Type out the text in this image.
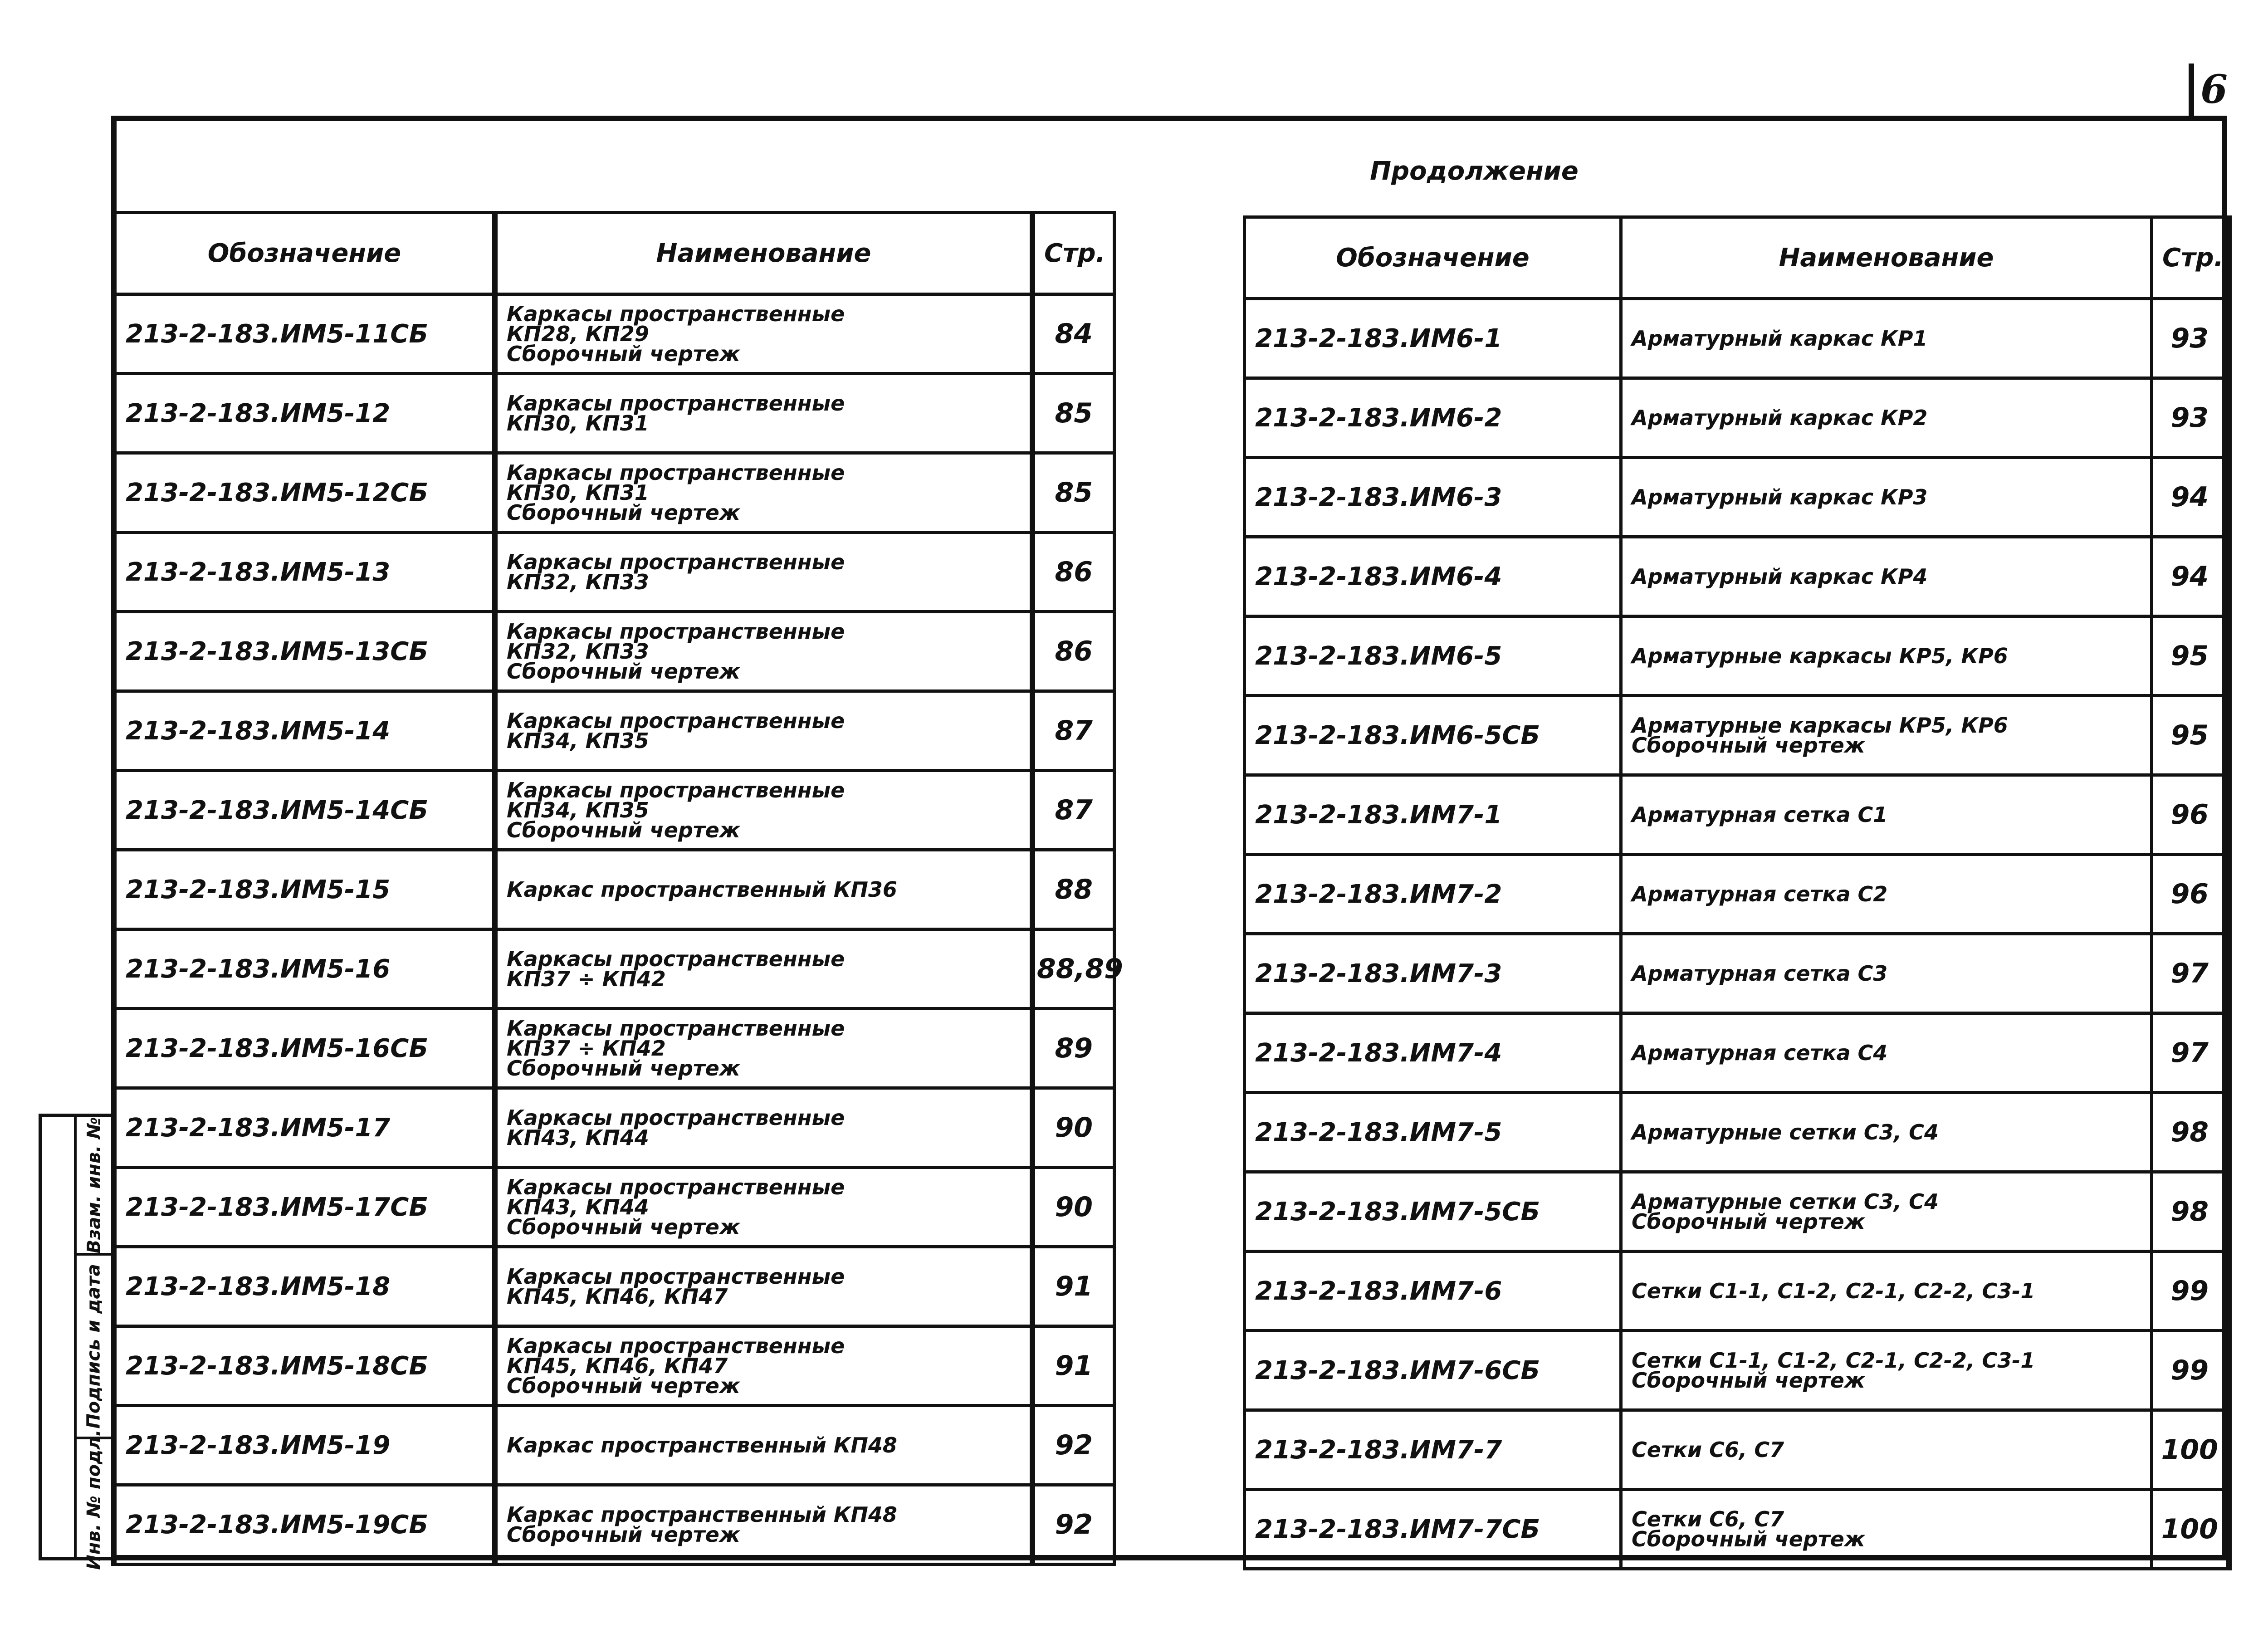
6
Продолжение
Взам. инв. №
Подпись и дата
Инв. № подл.
Обозначение	Наименование	Стр.
213-2-183.ИМ5-11СБ	Каркасы пространственные
КП28, КП29
Сборочный чертеж	84
213-2-183.ИМ5-12	Каркасы пространственные
КП30, КП31	85
213-2-183.ИМ5-12СБ	Каркасы пространственные
КП30, КП31
Сборочный чертеж	85
213-2-183.ИМ5-13	Каркасы пространственные
КП32, КП33	86
213-2-183.ИМ5-13СБ	Каркасы пространственные
КП32, КП33
Сборочный чертеж	86
213-2-183.ИМ5-14	Каркасы пространственные
КП34, КП35	87
213-2-183.ИМ5-14СБ	Каркасы пространственные
КП34, КП35
Сборочный чертеж	87
213-2-183.ИМ5-15	Каркас пространственный КП36	88
213-2-183.ИМ5-16	Каркасы пространственные
КП37 ÷ КП42	88,89
213-2-183.ИМ5-16СБ	Каркасы пространственные
КП37 ÷ КП42
Сборочный чертеж	89
213-2-183.ИМ5-17	Каркасы пространственные
КП43, КП44	90
213-2-183.ИМ5-17СБ	Каркасы пространственные
КП43, КП44
Сборочный чертеж	90
213-2-183.ИМ5-18	Каркасы пространственные
КП45, КП46, КП47	91
213-2-183.ИМ5-18СБ	Каркасы пространственные
КП45, КП46, КП47
Сборочный чертеж	91
213-2-183.ИМ5-19	Каркас пространственный КП48	92
213-2-183.ИМ5-19СБ	Каркас пространственный КП48
Сборочный чертеж	92
Обозначение	Наименование	Стр.
213-2-183.ИМ6-1	Арматурный каркас КР1	93
213-2-183.ИМ6-2	Арматурный каркас КР2	93
213-2-183.ИМ6-3	Арматурный каркас КР3	94
213-2-183.ИМ6-4	Арматурный каркас КР4	94
213-2-183.ИМ6-5	Арматурные каркасы КР5, КР6	95
213-2-183.ИМ6-5СБ	Арматурные каркасы КР5, КР6
Сборочный чертеж	95
213-2-183.ИМ7-1	Арматурная сетка С1	96
213-2-183.ИМ7-2	Арматурная сетка С2	96
213-2-183.ИМ7-3	Арматурная сетка С3	97
213-2-183.ИМ7-4	Арматурная сетка С4	97
213-2-183.ИМ7-5	Арматурные сетки С3, С4	98
213-2-183.ИМ7-5СБ	Арматурные сетки С3, С4
Сборочный чертеж	98
213-2-183.ИМ7-6	Сетки С1-1, С1-2, С2-1, С2-2, С3-1	99
213-2-183.ИМ7-6СБ	Сетки С1-1, С1-2, С2-1, С2-2, С3-1
Сборочный чертеж	99
213-2-183.ИМ7-7	Сетки С6, С7	100
213-2-183.ИМ7-7СБ	Сетки С6, С7
Сборочный чертеж	100
